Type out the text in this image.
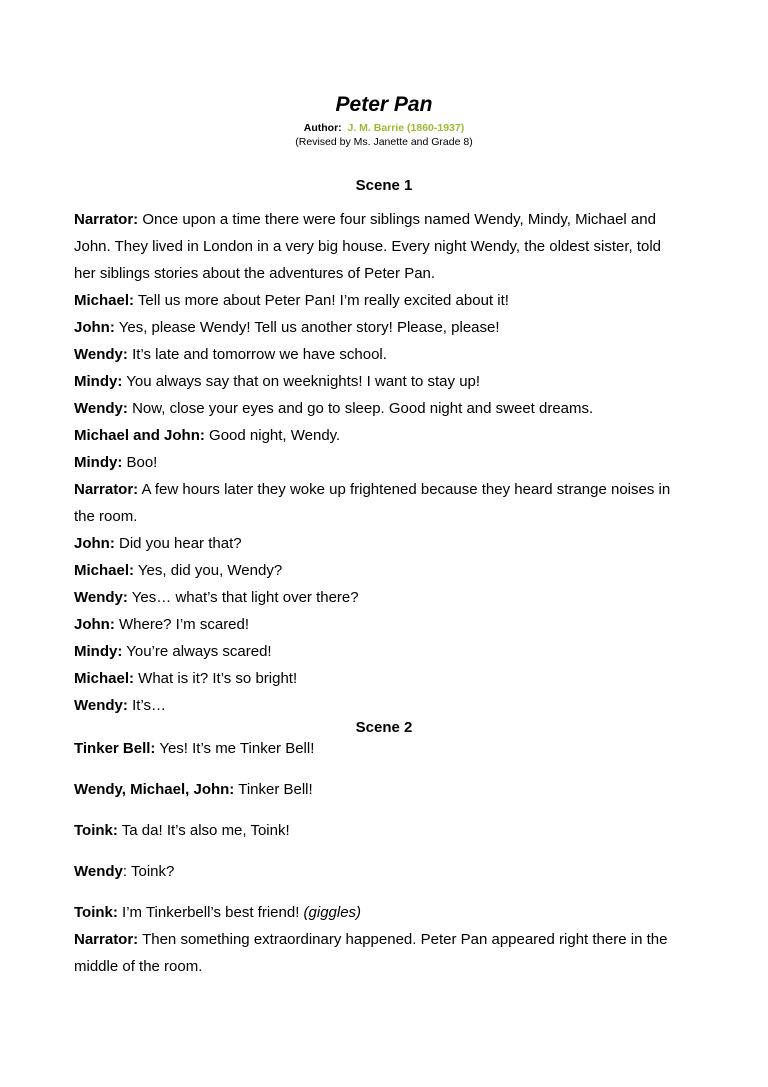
Peter Pan
Author: J. M. Barrie (1860-1937)
(Revised by Ms. Janette and Grade 8)
Scene 1
Narrator: Once upon a time there were four siblings named Wendy, Mindy, Michael and
John. They lived in London in a very big house. Every night Wendy, the oldest sister, told
her siblings stories about the adventures of Peter Pan.
Michael: Tell us more about Peter Pan! I’m really excited about it!
John: Yes, please Wendy! Tell us another story! Please, please!
Wendy: It’s late and tomorrow we have school.
Mindy: You always say that on weeknights! I want to stay up!
Wendy: Now, close your eyes and go to sleep. Good night and sweet dreams.
Michael and John: Good night, Wendy.
Mindy: Boo!
Narrator: A few hours later they woke up frightened because they heard strange noises in
the room.
John: Did you hear that?
Michael: Yes, did you, Wendy?
Wendy: Yes… what’s that light over there?
John: Where? I’m scared!
Mindy: You’re always scared!
Michael: What is it? It’s so bright!
Wendy: It’s…
Scene 2
Tinker Bell: Yes! It’s me Tinker Bell!
Wendy, Michael, John: Tinker Bell!
Toink: Ta da! It’s also me, Toink!
Wendy: Toink?
Toink: I’m Tinkerbell’s best friend! (giggles)
Narrator: Then something extraordinary happened. Peter Pan appeared right there in the
middle of the room.
